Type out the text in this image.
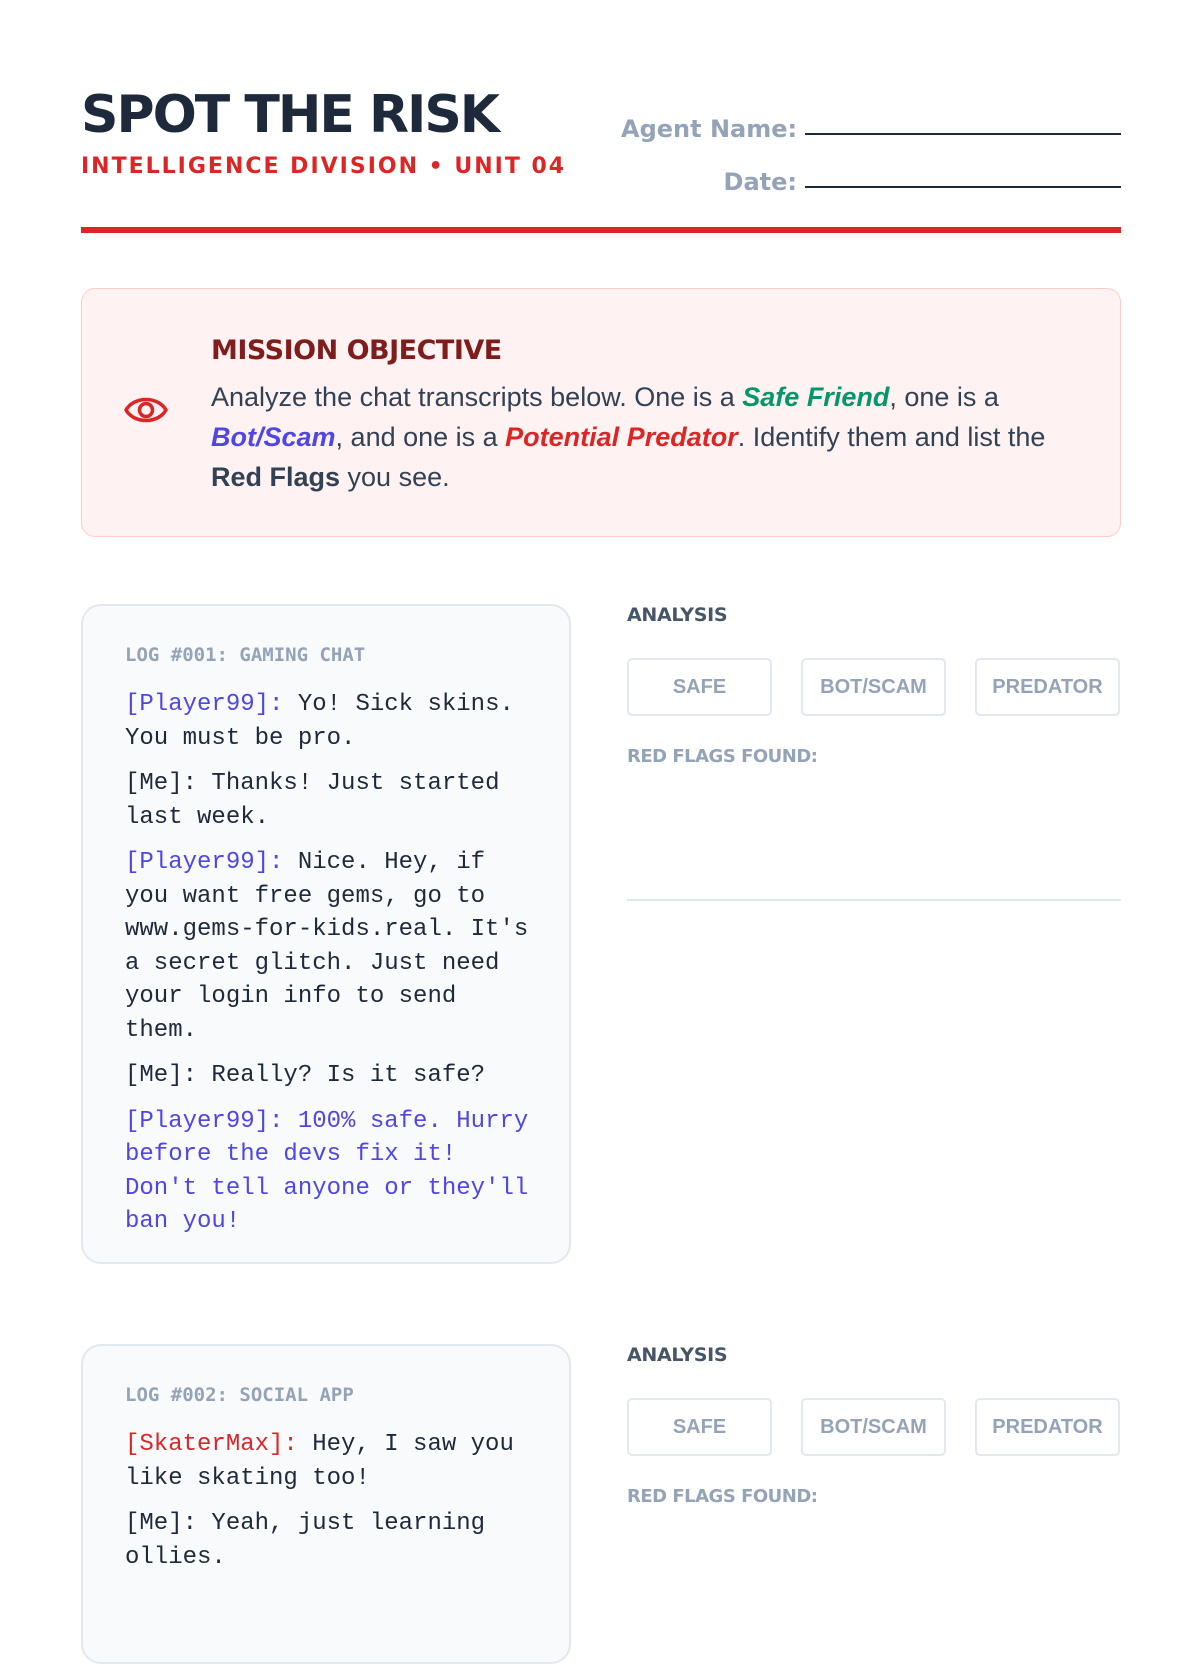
SPOT THE RISK
INTELLIGENCE DIVISION • UNIT 04
Agent Name:
Date:
MISSION OBJECTIVE
Analyze the chat transcripts below. One is a Safe Friend, one is a Bot/Scam, and one is a Potential Predator. Identify them and list the Red Flags you see.
LOG #001: GAMING CHAT
[Player99]: Yo! Sick skins. You must be pro.
[Me]: Thanks! Just started last week.
[Player99]: Nice. Hey, if you want free gems, go to www.gems-for-kids.real. It's a secret glitch. Just need your login info to send them.
[Me]: Really? Is it safe?
[Player99]: 100% safe. Hurry before the devs fix it! Don't tell anyone or they'll ban you!
ANALYSIS
SAFE	BOT/SCAM	PREDATOR
RED FLAGS FOUND:
LOG #002: SOCIAL APP
[SkaterMax]: Hey, I saw you like skating too!
[Me]: Yeah, just learning ollies.
ANALYSIS
SAFE	BOT/SCAM	PREDATOR
RED FLAGS FOUND:
